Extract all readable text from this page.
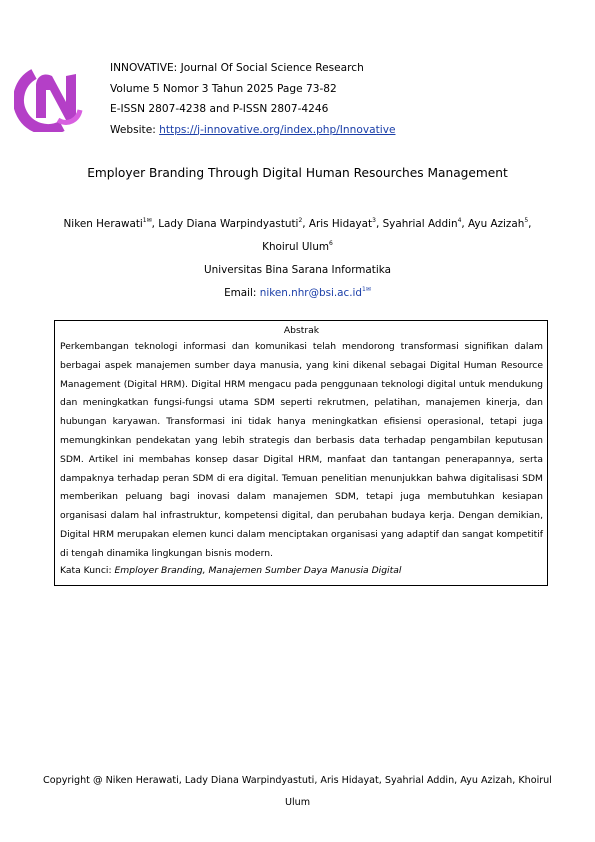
INNOVATIVE: Journal Of Social Science Research
Volume 5 Nomor 3 Tahun 2025 Page 73-82
E-ISSN 2807-4238 and P-ISSN 2807-4246
Website: https://j-innovative.org/index.php/Innovative
Employer Branding Through Digital Human Resourches Management
Niken Herawati$^{1✉}$, Lady Diana Warpindyastuti$^2$, Aris Hidayat$^3$, Syahrial Addin$^4$, Ayu Azizah$^5$,
Khoirul Ulum$^6$
Universitas Bina Sarana Informatika
Email: $niken.nhr@bsi.ac.id^{1✉}$
Abstrak
Perkembangan teknologi informasi dan komunikasi telah mendorong transformasi signifikan dalam berbagai aspek manajemen sumber daya manusia, yang kini dikenal sebagai Digital Human Resource Management (Digital HRM). Digital HRM mengacu pada penggunaan teknologi digital untuk mendukung dan meningkatkan fungsi-fungsi utama SDM seperti rekrutmen, pelatihan, manajemen kinerja, dan hubungan karyawan. Transformasi ini tidak hanya meningkatkan efisiensi operasional, tetapi juga memungkinkan pendekatan yang lebih strategis dan berbasis data terhadap pengambilan keputusan SDM. Artikel ini membahas konsep dasar Digital HRM, manfaat dan tantangan penerapannya, serta dampaknya terhadap peran SDM di era digital. Temuan penelitian menunjukkan bahwa digitalisasi SDM memberikan peluang bagi inovasi dalam manajemen SDM, tetapi juga membutuhkan kesiapan organisasi dalam hal infrastruktur, kompetensi digital, dan perubahan budaya kerja. Dengan demikian, Digital HRM merupakan elemen kunci dalam menciptakan organisasi yang adaptif dan sangat kompetitif di tengah dinamika lingkungan bisnis modern.
Kata Kunci: Employer Branding, Manajemen Sumber Daya Manusia Digital
Copyright @ Niken Herawati, Lady Diana Warpindyastuti, Aris Hidayat, Syahrial Addin, Ayu Azizah, Khoirul Ulum
